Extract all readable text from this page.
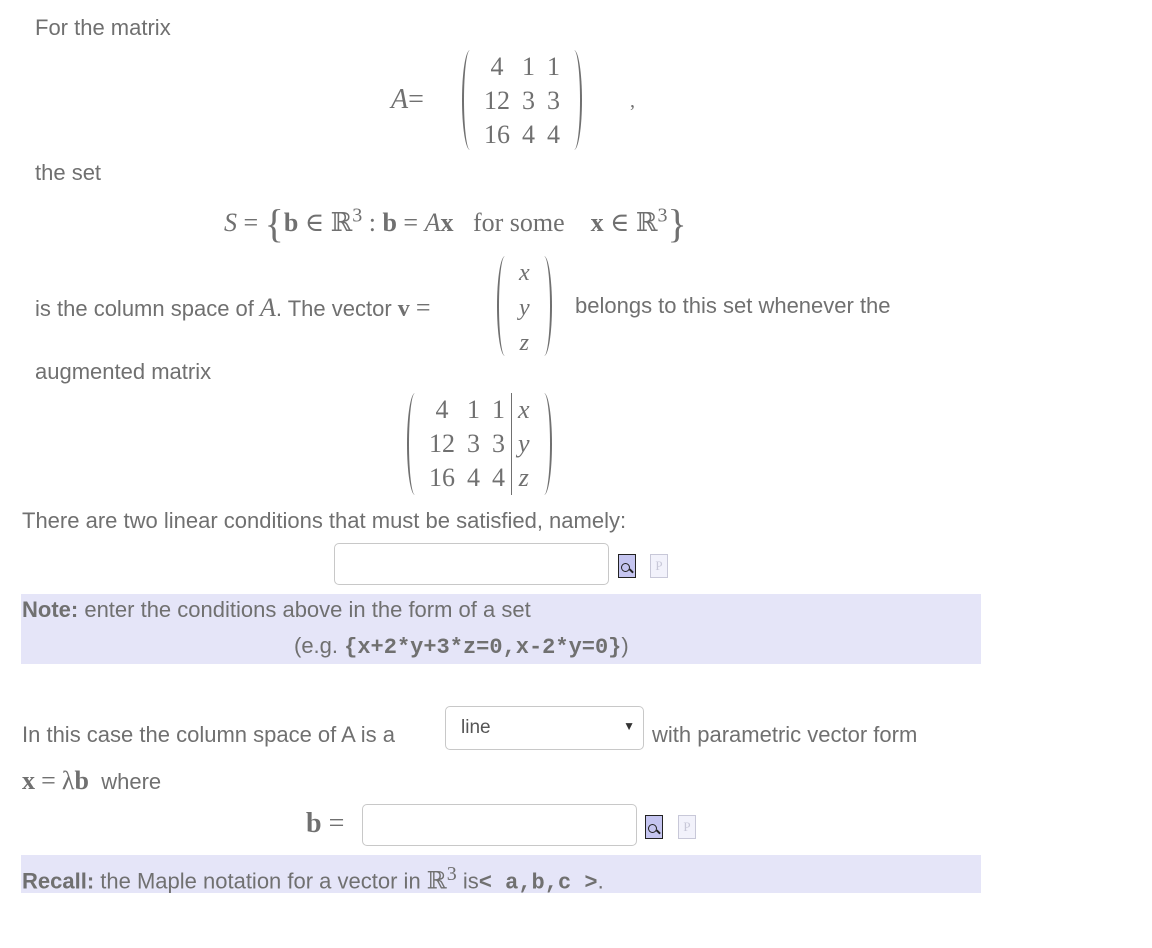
For the matrix
A=
4 1 1
12 3 3
16 4 4
,
the set
S = {b ∈ ℝ$^3$ : b = Ax for some x ∈ ℝ$^3$}
is the column space of A. The vector v =
x
y
z
belongs to this set whenever the
augmented matrix
4 1 1 x
12 3 3 y
16 4 4 z
There are two linear conditions that must be satisfied, namely:
P
Note: enter the conditions above in the form of a set
(e.g. {x+2*y+3*z=0,x-2*y=0})
In this case the column space of A is a	line	▼ with parametric vector form
x = λb where
b =	P
Recall: the Maple notation for a vector in ℝ$^3$ is< a,b,c >.
